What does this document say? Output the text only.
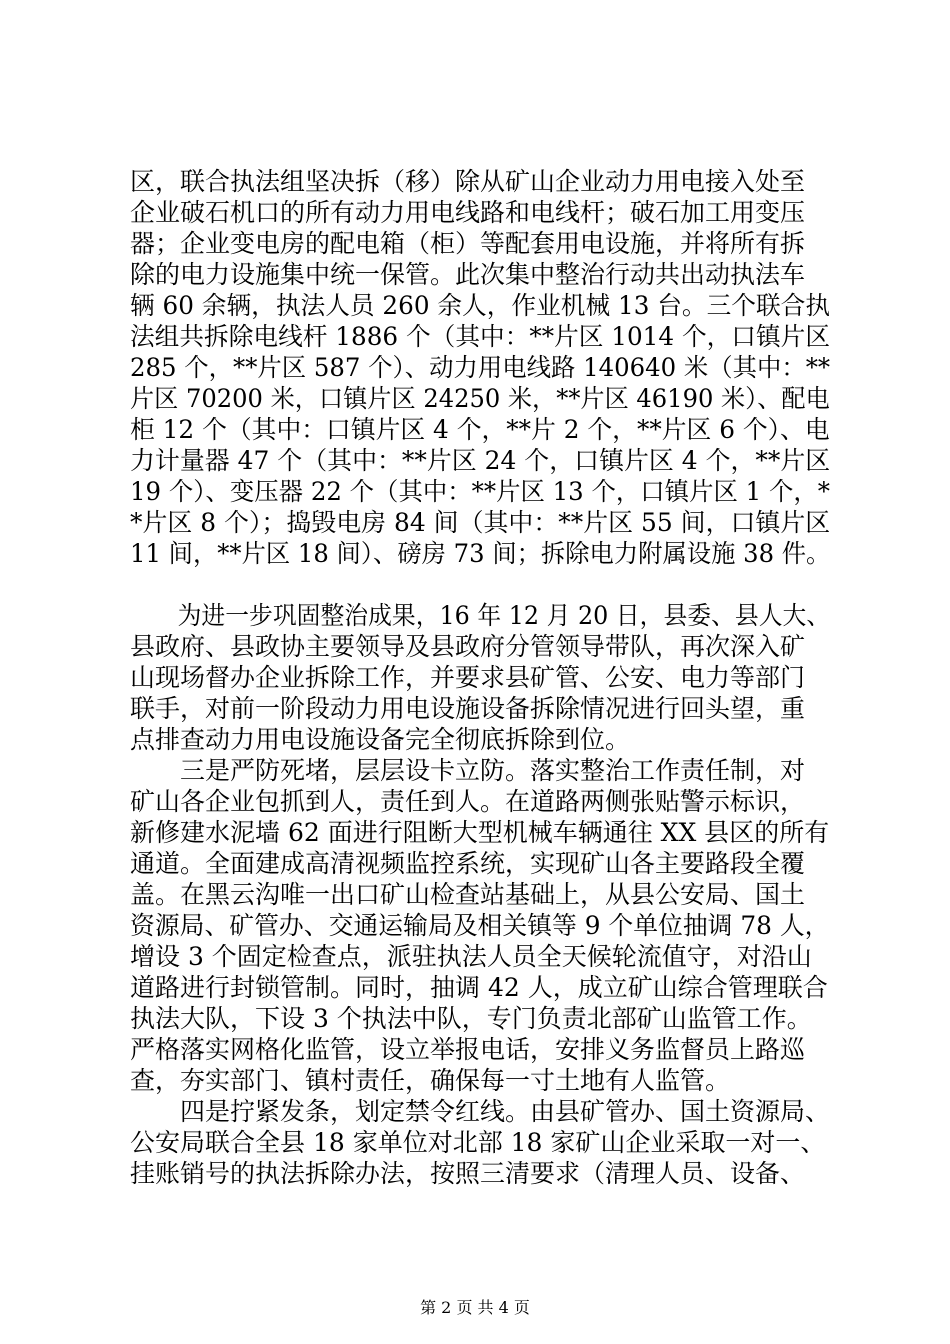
区，联合执法组坚决拆（移）除从矿山企业动力用电接入处至
企业破石机口的所有动力用电线路和电线杆；破石加工用变压
器；企业变电房的配电箱（柜）等配套用电设施，并将所有拆
除的电力设施集中统一保管。此次集中整治行动共出动执法车
辆 60 余辆，执法人员 260 余人，作业机械 13 台。三个联合执
法组共拆除电线杆 1886 个（其中：**片区 1014 个，口镇片区
285 个，**片区 587 个）、动力用电线路 140640 米（其中：**
片区 70200 米，口镇片区 24250 米，**片区 46190 米）、配电
柜 12 个（其中：口镇片区 4 个，**片 2 个，**片区 6 个）、电
力计量器 47 个（其中：**片区 24 个，口镇片区 4 个，**片区
19 个）、变压器 22 个（其中：**片区 13 个，口镇片区 1 个，*
*片区 8 个）；捣毁电房 84 间（其中：**片区 55 间，口镇片区
11 间，**片区 18 间）、磅房 73 间；拆除电力附属设施 38 件。
　　为进一步巩固整治成果，16 年 12 月 20 日，县委、县人大、
县政府、县政协主要领导及县政府分管领导带队，再次深入矿
山现场督办企业拆除工作，并要求县矿管、公安、电力等部门
联手，对前一阶段动力用电设施设备拆除情况进行回头望，重
点排查动力用电设施设备完全彻底拆除到位。
　　三是严防死堵，层层设卡立防。落实整治工作责任制，对
矿山各企业包抓到人，责任到人。在道路两侧张贴警示标识，
新修建水泥墙 62 面进行阻断大型机械车辆通往 XX 县区的所有
通道。全面建成高清视频监控系统，实现矿山各主要路段全覆
盖。在黑云沟唯一出口矿山检查站基础上，从县公安局、国土
资源局、矿管办、交通运输局及相关镇等 9 个单位抽调 78 人，
增设 3 个固定检查点，派驻执法人员全天候轮流值守，对沿山
道路进行封锁管制。同时，抽调 42 人，成立矿山综合管理联合
执法大队，下设 3 个执法中队，专门负责北部矿山监管工作。
严格落实网格化监管，设立举报电话，安排义务监督员上路巡
查，夯实部门、镇村责任，确保每一寸土地有人监管。
　　四是拧紧发条，划定禁令红线。由县矿管办、国土资源局、
公安局联合全县 18 家单位对北部 18 家矿山企业采取一对一、
挂账销号的执法拆除办法，按照三清要求（清理人员、设备、
第 2 页 共 4 页
